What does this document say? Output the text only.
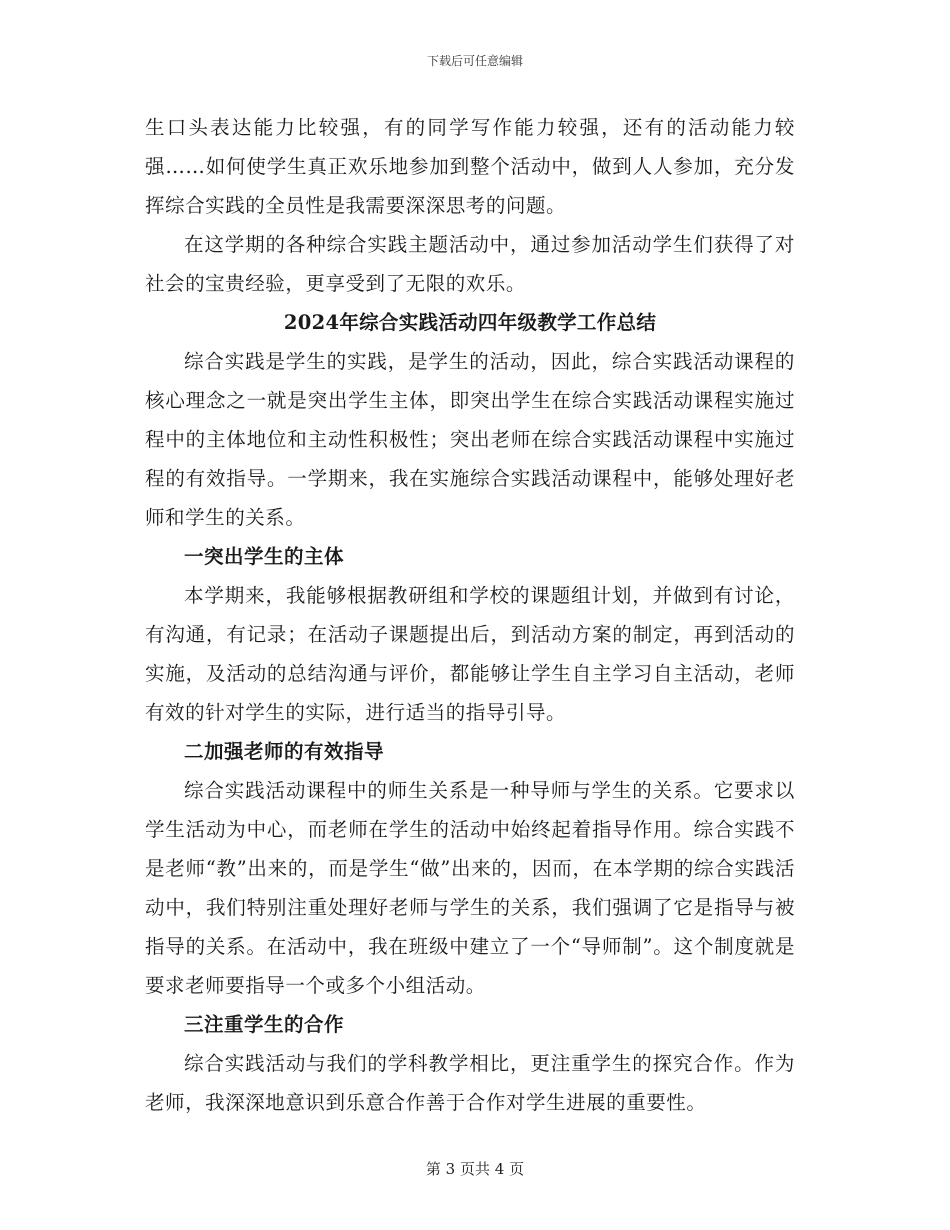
下载后可任意编辑

生口头表达能力比较强，有的同学写作能力较强，还有的活动能力较强……如何使学生真正欢乐地参加到整个活动中，做到人人参加，充分发挥综合实践的全员性是我需要深深思考的问题。

在这学期的各种综合实践主题活动中，通过参加活动学生们获得了对社会的宝贵经验，更享受到了无限的欢乐。

2024年综合实践活动四年级教学工作总结

综合实践是学生的实践，是学生的活动，因此，综合实践活动课程的核心理念之一就是突出学生主体，即突出学生在综合实践活动课程实施过程中的主体地位和主动性积极性；突出老师在综合实践活动课程中实施过程的有效指导。一学期来，我在实施综合实践活动课程中，能够处理好老师和学生的关系。

一突出学生的主体

本学期来，我能够根据教研组和学校的课题组计划，并做到有讨论，有沟通，有记录；在活动子课题提出后，到活动方案的制定，再到活动的实施，及活动的总结沟通与评价，都能够让学生自主学习自主活动，老师有效的针对学生的实际，进行适当的指导引导。

二加强老师的有效指导

综合实践活动课程中的师生关系是一种导师与学生的关系。它要求以学生活动为中心，而老师在学生的活动中始终起着指导作用。综合实践不是老师“教”出来的，而是学生“做”出来的，因而，在本学期的综合实践活动中，我们特别注重处理好老师与学生的关系，我们强调了它是指导与被指导的关系。在活动中，我在班级中建立了一个“导师制”。这个制度就是要求老师要指导一个或多个小组活动。

三注重学生的合作

综合实践活动与我们的学科教学相比，更注重学生的探究合作。作为老师，我深深地意识到乐意合作善于合作对学生进展的重要性。

第 3 页共 4 页
